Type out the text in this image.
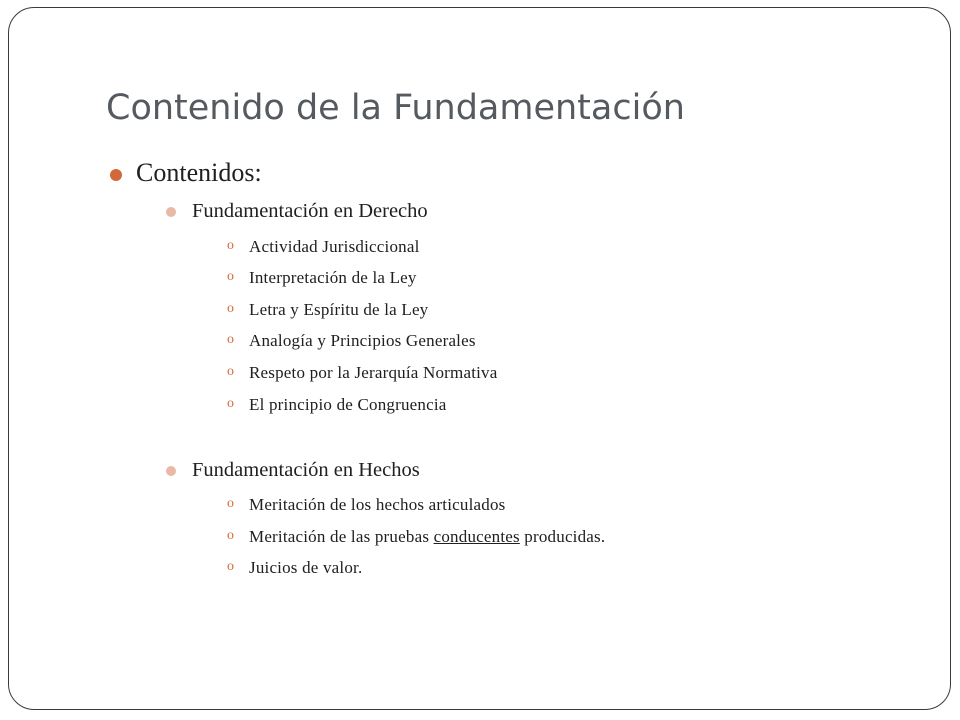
Contenido de la Fundamentación
Contenidos:
Fundamentación en Derecho
o Actividad Jurisdiccional
o Interpretación de la Ley
o Letra y Espíritu de la Ley
o Analogía y Principios Generales
o Respeto por la Jerarquía Normativa
o El principio de Congruencia
Fundamentación en Hechos
o Meritación de los hechos articulados
o Meritación de las pruebas conducentes producidas.
o Juicios de valor.
